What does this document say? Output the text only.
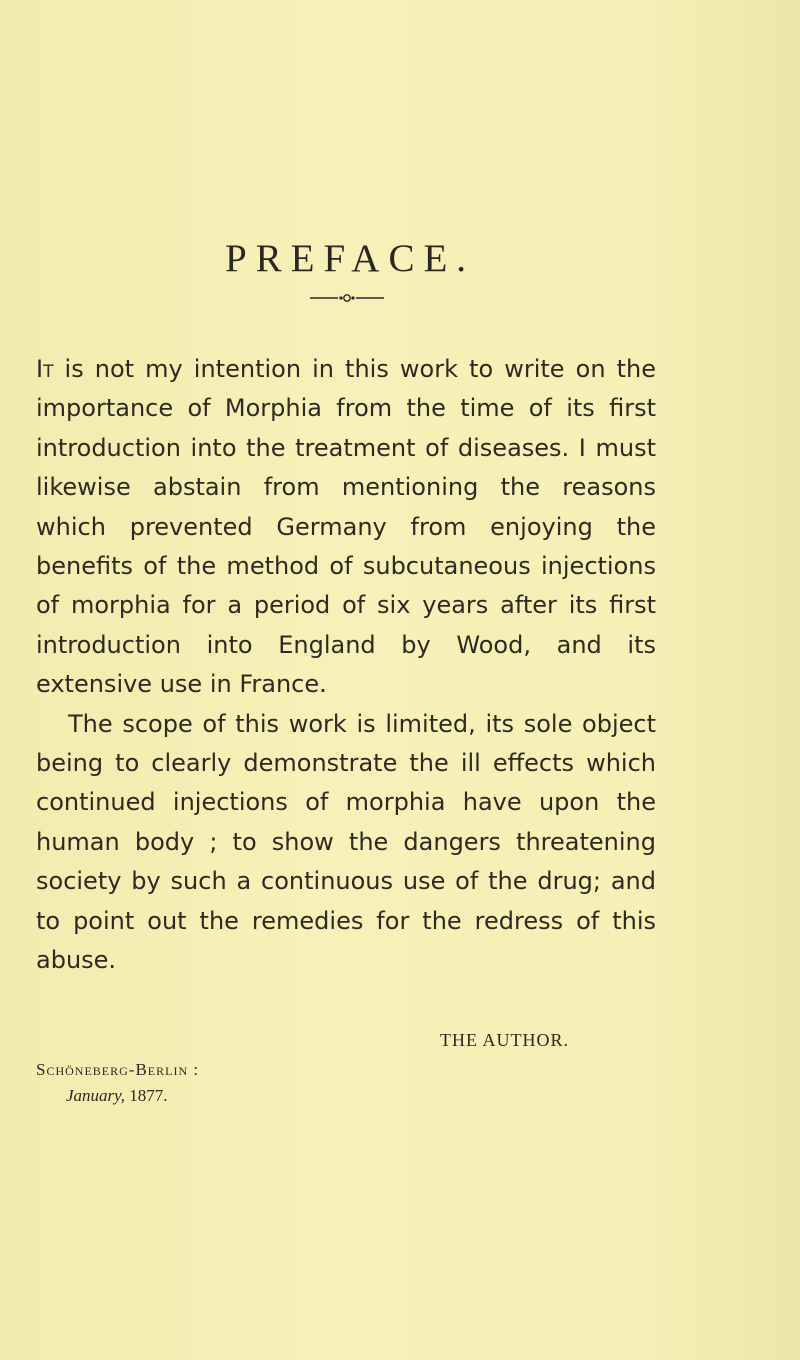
PREFACE.

It is not my intention in this work to write on the importance of Morphia from the time of its first introduction into the treatment of diseases. I must likewise abstain from mentioning the reasons which prevented Germany from enjoying the benefits of the method of subcutaneous injections of morphia for a period of six years after its first introduction into England by Wood, and its extensive use in France.

The scope of this work is limited, its sole object being to clearly demonstrate the ill effects which continued injections of morphia have upon the human body ; to show the dangers threatening society by such a continuous use of the drug; and to point out the remedies for the redress of this abuse.

THE AUTHOR.
Schöneberg-Berlin :
January, 1877.
